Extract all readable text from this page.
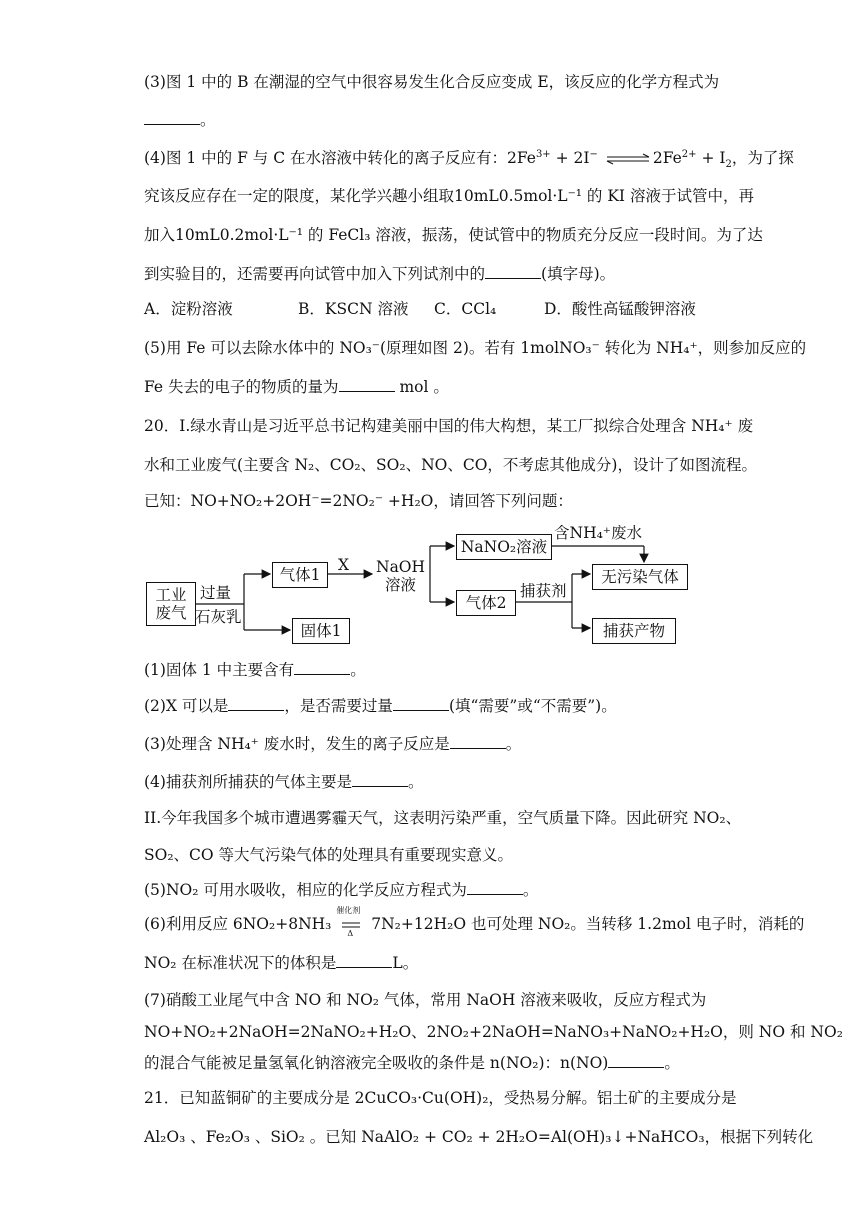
(3)图 1 中的 B 在潮湿的空气中很容易发生化合反应变成 E，该反应的化学方程式为
。
(4)图 1 中的 F 与 C 在水溶液中转化的离子反应有：$2Fe^{3+} + 2I^-$ ⇌ $2Fe^{2+} + I_2$，为了探
究该反应存在一定的限度，某化学兴趣小组取10mL0.5mol·L⁻¹ 的 KI 溶液于试管中，再
加入10mL0.2mol·L⁻¹ 的 FeCl₃ 溶液，振荡，使试管中的物质充分反应一段时间。为了达
到实验目的，还需要再向试管中加入下列试剂中的	(填字母)。
A．淀粉溶液	B．KSCN 溶液 C．CCl₄	D．酸性高锰酸钾溶液
(5)用 Fe 可以去除水体中的 NO₃⁻(原理如图 2)。若有 1molNO₃⁻ 转化为 NH₄⁺，则参加反应的
Fe 失去的电子的物质的量为	mol 。
20．I.绿水青山是习近平总书记构建美丽中国的伟大构想，某工厂拟综合处理含 NH₄⁺ 废
水和工业废气(主要含 N₂、CO₂、SO₂、NO、CO，不考虑其他成分)，设计了如图流程。
已知：NO+NO₂+2OH⁻=2NO₂⁻ +H₂O，请回答下列问题：
工业
废气
过量
石灰乳
气体1
X NaOH
溶液
NaNO₂溶液
含NH₄⁺废水
无污染气体
气体2
捕获剂
固体1	捕获产物
(1)固体 1 中主要含有	。
(2)X 可以是	，是否需要过量	(填“需要”或“不需要”)。
(3)处理含 NH₄⁺ 废水时，发生的离子反应是	。
(4)捕获剂所捕获的气体主要是	。
II.今年我国多个城市遭遇雾霾天气，这表明污染严重，空气质量下降。因此研究 NO₂、
SO₂、CO 等大气污染气体的处理具有重要现实意义。
(5)NO₂ 可用水吸收，相应的化学反应方程式为	。
(6)利用反应 6NO₂+8NH₃
催化剂
Δ
7N₂+12H₂O 也可处理 NO₂。当转移 1.2mol 电子时，消耗的
NO₂ 在标准状况下的体积是	L。
(7)硝酸工业尾气中含 NO 和 NO₂ 气体，常用 NaOH 溶液来吸收，反应方程式为
NO+NO₂+2NaOH=2NaNO₂+H₂O、2NO₂+2NaOH=NaNO₃+NaNO₂+H₂O，则 NO 和 NO₂
的混合气能被足量氢氧化钠溶液完全吸收的条件是 n(NO₂)：n(NO)	。
21．已知蓝铜矿的主要成分是 2CuCO₃·Cu(OH)₂，受热易分解。铝土矿的主要成分是
Al₂O₃ 、Fe₂O₃ 、SiO₂ 。已知 NaAlO₂ + CO₂ + 2H₂O=Al(OH)₃↓+NaHCO₃，根据下列转化
